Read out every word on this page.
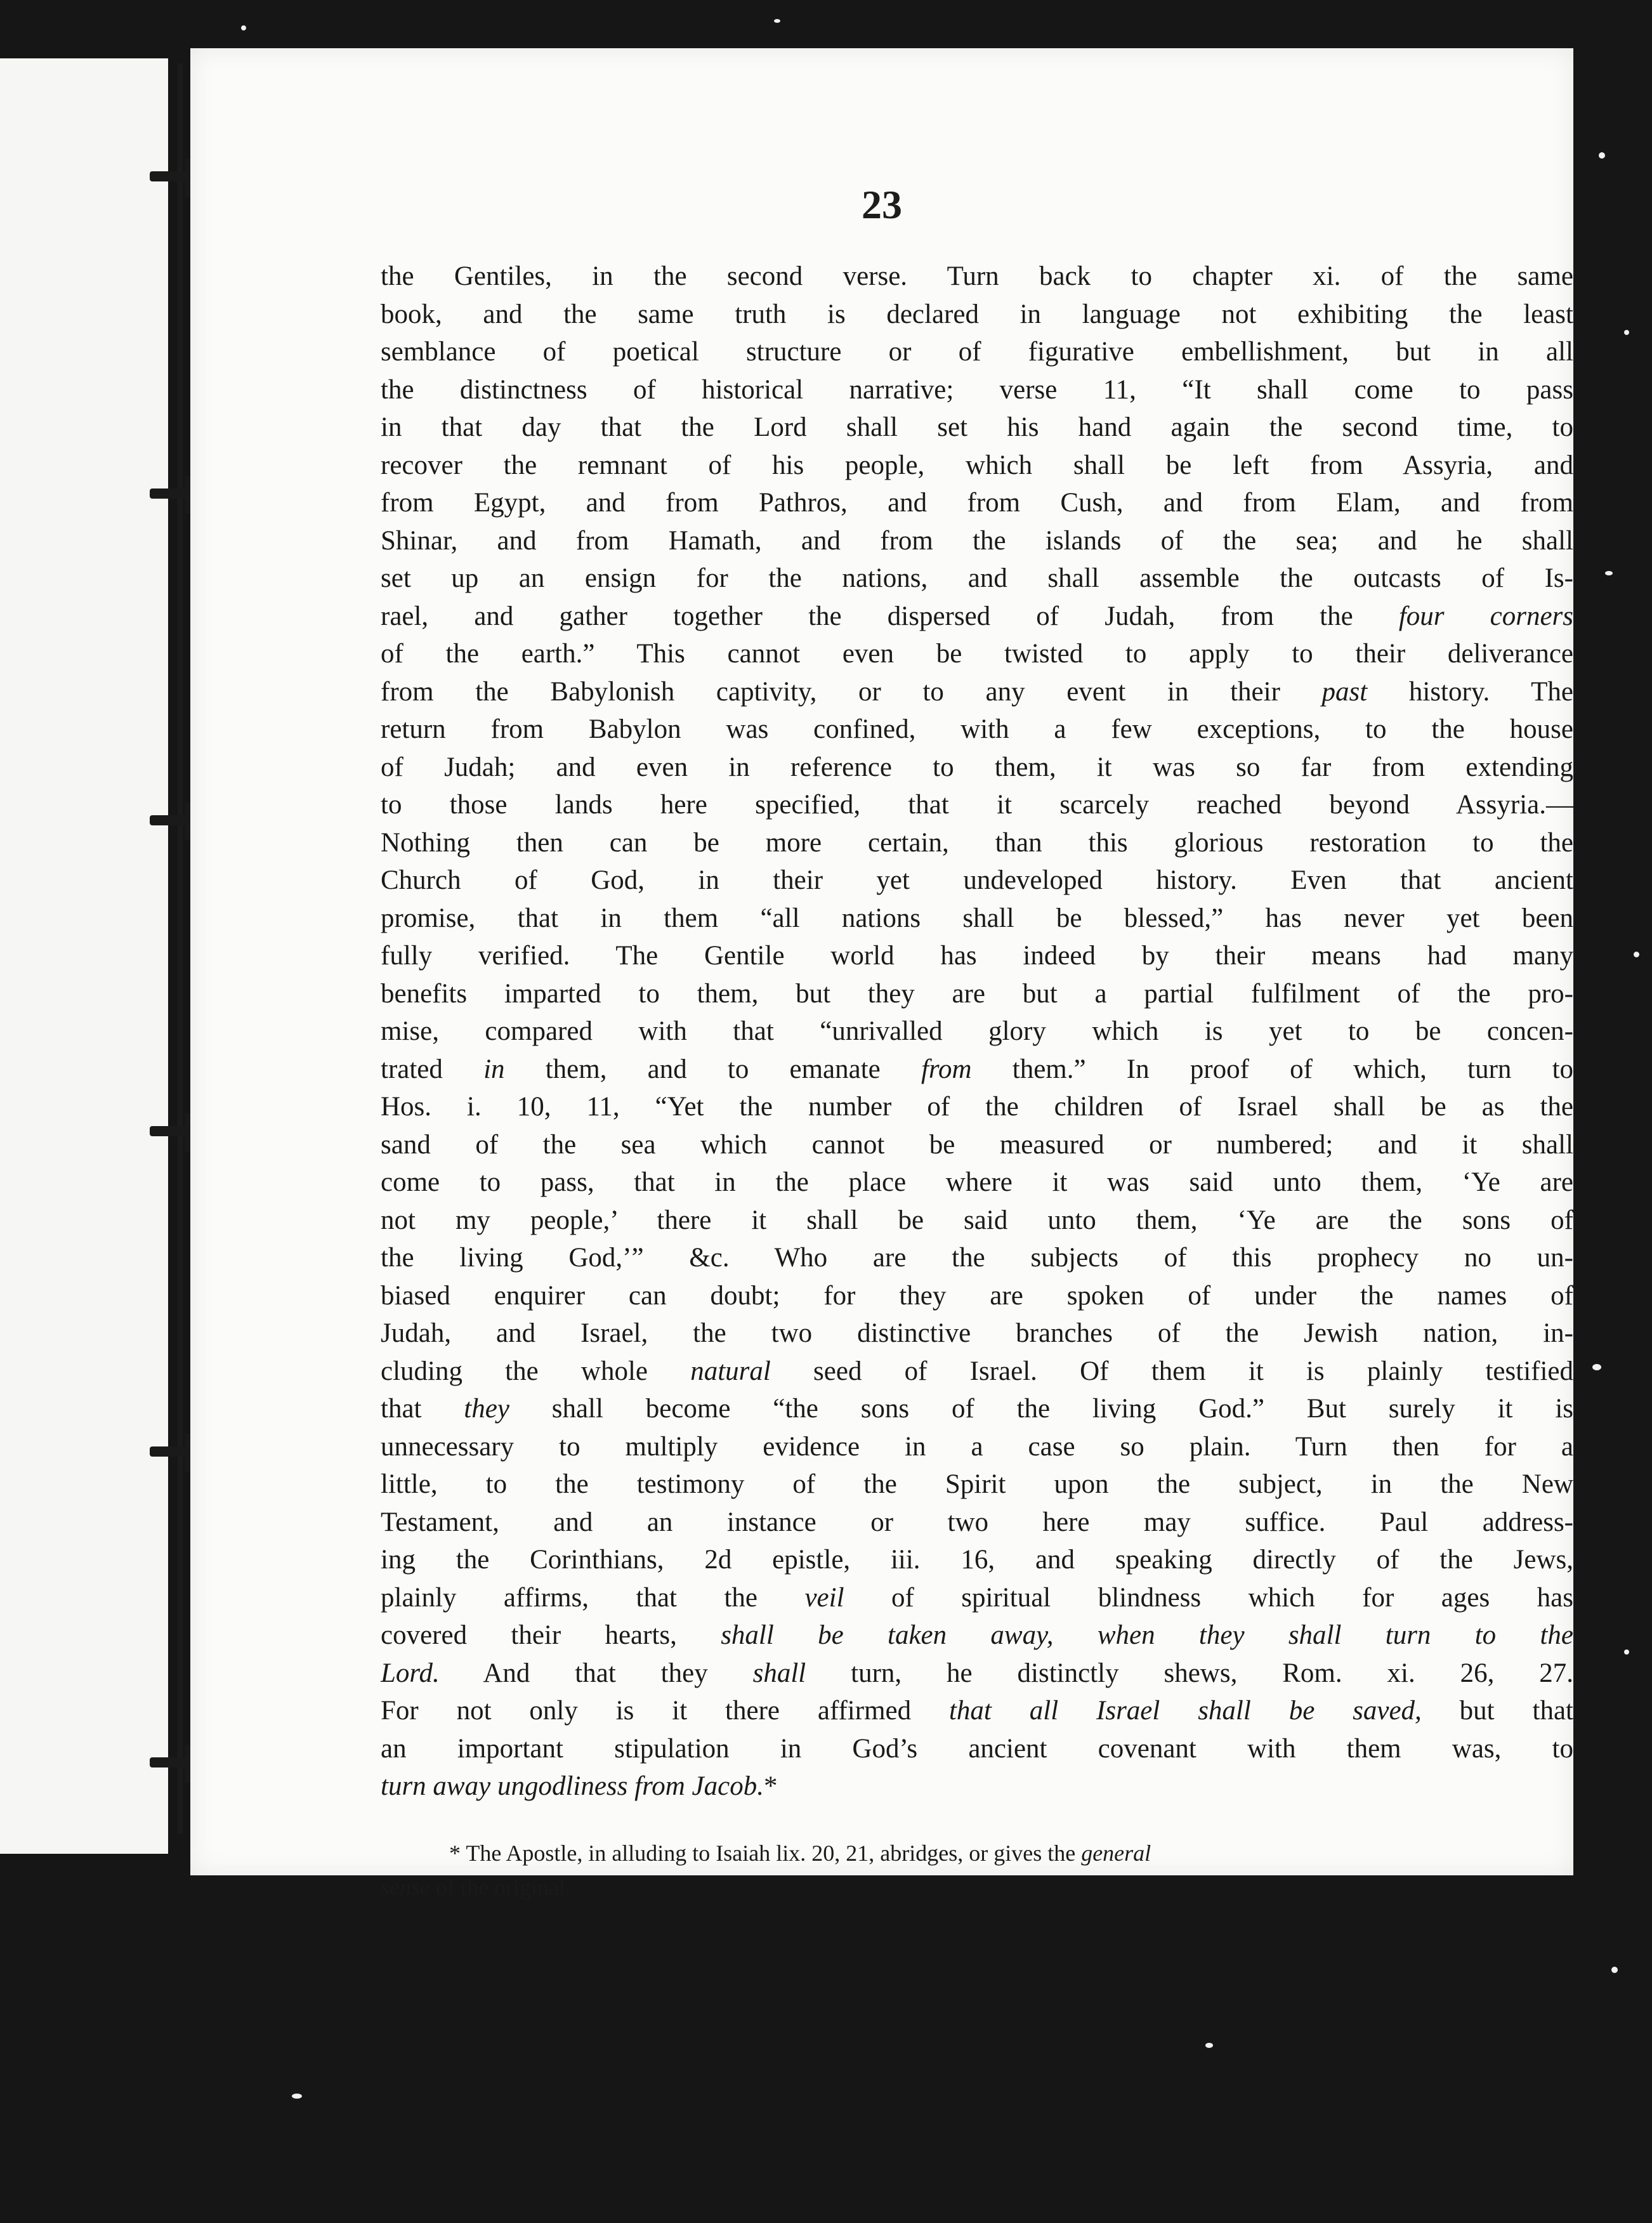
23
the Gentiles, in the second verse. Turn back to chapter xi. of the same
book, and the same truth is declared in language not exhibiting the least
semblance of poetical structure or of figurative embellishment, but in all
the distinctness of historical narrative; verse 11, “It shall come to pass
in that day that the Lord shall set his hand again the second time, to
recover the remnant of his people, which shall be left from Assyria, and
from Egypt, and from Pathros, and from Cush, and from Elam, and from
Shinar, and from Hamath, and from the islands of the sea; and he shall
set up an ensign for the nations, and shall assemble the outcasts of Is-
rael, and gather together the dispersed of Judah, from the four corners
of the earth.” This cannot even be twisted to apply to their deliverance
from the Babylonish captivity, or to any event in their past history. The
return from Babylon was confined, with a few exceptions, to the house
of Judah; and even in reference to them, it was so far from extending
to those lands here specified, that it scarcely reached beyond Assyria.—
Nothing then can be more certain, than this glorious restoration to the
Church of God, in their yet undeveloped history. Even that ancient
promise, that in them “all nations shall be blessed,” has never yet been
fully verified. The Gentile world has indeed by their means had many
benefits imparted to them, but they are but a partial fulfilment of the pro-
mise, compared with that “unrivalled glory which is yet to be concen-
trated in them, and to emanate from them.” In proof of which, turn to
Hos. i. 10, 11, “Yet the number of the children of Israel shall be as the
sand of the sea which cannot be measured or numbered; and it shall
come to pass, that in the place where it was said unto them, ‘Ye are
not my people,’ there it shall be said unto them, ‘Ye are the sons of
the living God,’” &c. Who are the subjects of this prophecy no un-
biased enquirer can doubt; for they are spoken of under the names of
Judah, and Israel, the two distinctive branches of the Jewish nation, in-
cluding the whole natural seed of Israel. Of them it is plainly testified
that they shall become “the sons of the living God.” But surely it is
unnecessary to multiply evidence in a case so plain. Turn then for a
little, to the testimony of the Spirit upon the subject, in the New
Testament, and an instance or two here may suffice. Paul address-
ing the Corinthians, 2d epistle, iii. 16, and speaking directly of the Jews,
plainly affirms, that the veil of spiritual blindness which for ages has
covered their hearts, shall be taken away, when they shall turn to the
Lord. And that they shall turn, he distinctly shews, Rom. xi. 26, 27.
For not only is it there affirmed that all Israel shall be saved, but that
an important stipulation in God’s ancient covenant with them was, to
turn away ungodliness from Jacob.*
* The Apostle, in alluding to Isaiah lix. 20, 21, abridges, or gives the general
sense of the original.
